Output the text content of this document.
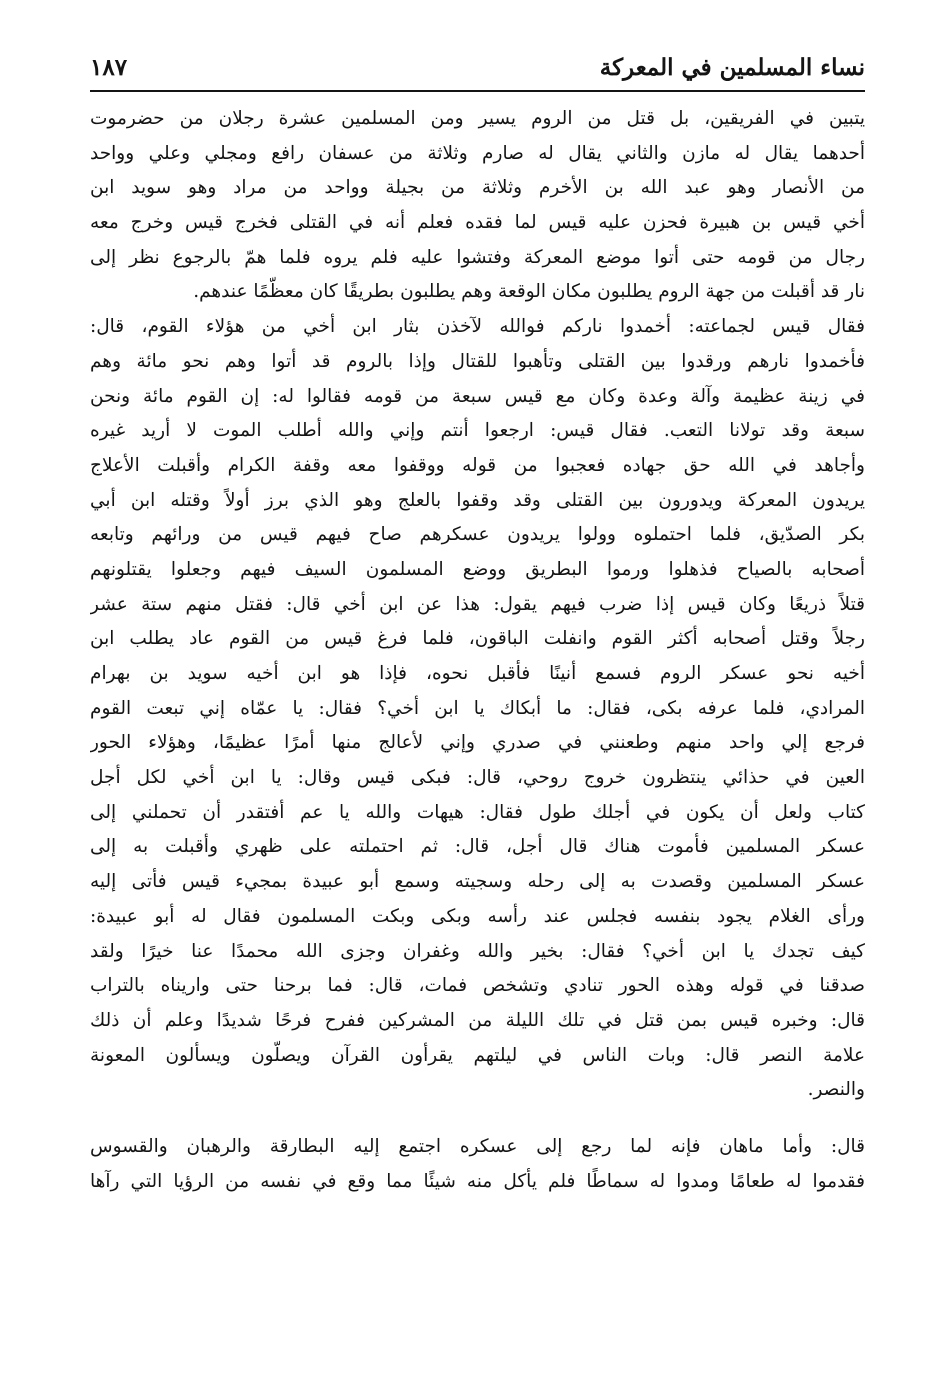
نساء المسلمين في المعركة
١٨٧
يتبين في الفريقين، بل قتل من الروم يسير ومن المسلمين عشرة رجلان من حضرموت
أحدهما يقال له مازن والثاني يقال له صارم وثلاثة من عسفان رافع ومجلي وعلي وواحد
من الأنصار وهو عبد الله بن الأخرم وثلاثة من بجيلة وواحد من مراد وهو سويد ابن
أخي قيس بن هبيرة فحزن عليه قيس لما فقده فعلم أنه في القتلى فخرج قيس وخرج معه
رجال من قومه حتى أتوا موضع المعركة وفتشوا عليه فلم يروه فلما همّ بالرجوع نظر إلى
نار قد أقبلت من جهة الروم يطلبون مكان الوقعة وهم يطلبون بطريقًا كان معظّمًا عندهم.
فقال قيس لجماعته: أخمدوا ناركم فوالله لآخذن بثار ابن أخي من هؤلاء القوم، قال:
فأخمدوا نارهم ورقدوا بين القتلى وتأهبوا للقتال وإذا بالروم قد أتوا وهم نحو مائة وهم
في زينة عظيمة وآلة وعدة وكان مع قيس سبعة من قومه فقالوا له: إن القوم مائة ونحن
سبعة وقد تولانا التعب. فقال قيس: ارجعوا أنتم وإني والله أطلب الموت لا أريد غيره
وأجاهد في الله حق جهاده فعجبوا من قوله ووقفوا معه وقفة الكرام وأقبلت الأعلاج
يريدون المعركة ويدورون بين القتلى وقد وقفوا بالعلج وهو الذي برز أولاً وقتله ابن أبي
بكر الصدّيق، فلما احتملوه وولوا يريدون عسكرهم صاح فيهم قيس من ورائهم وتابعه
أصحابه بالصياح فذهلوا ورموا البطريق ووضع المسلمون السيف فيهم وجعلوا يقتلونهم
قتلاً ذريعًا وكان قيس إذا ضرب فيهم يقول: هذا عن ابن أخي قال: فقتل منهم ستة عشر
رجلاً وقتل أصحابه أكثر القوم وانفلت الباقون، فلما فرغ قيس من القوم عاد يطلب ابن
أخيه نحو عسكر الروم فسمع أنينًا فأقبل نحوه، فإذا هو ابن أخيه سويد بن بهرام
المرادي، فلما عرفه بكى، فقال: ما أبكاك يا ابن أخي؟ فقال: يا عمّاه إني تبعت القوم
فرجع إلي واحد منهم وطعنني في صدري وإني لأعالج منها أمرًا عظيمًا، وهؤلاء الحور
العين في حذائي ينتظرون خروج روحي، قال: فبكى قيس وقال: يا ابن أخي لكل أجل
كتاب ولعل أن يكون في أجلك طول فقال: هيهات والله يا عم أفتقدر أن تحملني إلى
عسكر المسلمين فأموت هناك قال أجل، قال: ثم احتملته على ظهري وأقبلت به إلى
عسكر المسلمين وقصدت به إلى رحله وسجيته وسمع أبو عبيدة بمجيء قيس فأتى إليه
ورأى الغلام يجود بنفسه فجلس عند رأسه وبكى وبكت المسلمون فقال له أبو عبيدة:
كيف تجدك يا ابن أخي؟ فقال: بخير والله وغفران وجزى الله محمدًا عنا خيرًا ولقد
صدقنا في قوله وهذه الحور تنادي وتشخص فمات، قال: فما برحنا حتى واريناه بالتراب
قال: وخبره قيس بمن قتل في تلك الليلة من المشركين ففرح فرحًا شديدًا وعلم أن ذلك
علامة النصر قال: وبات الناس في ليلتهم يقرأون القرآن ويصلّون ويسألون المعونة
والنصر.
قال: وأما ماهان فإنه لما رجع إلى عسكره اجتمع إليه البطارقة والرهبان والقسوس
فقدموا له طعامًا ومدوا له سماطًا فلم يأكل منه شيئًا مما وقع في نفسه من الرؤيا التي رآها
